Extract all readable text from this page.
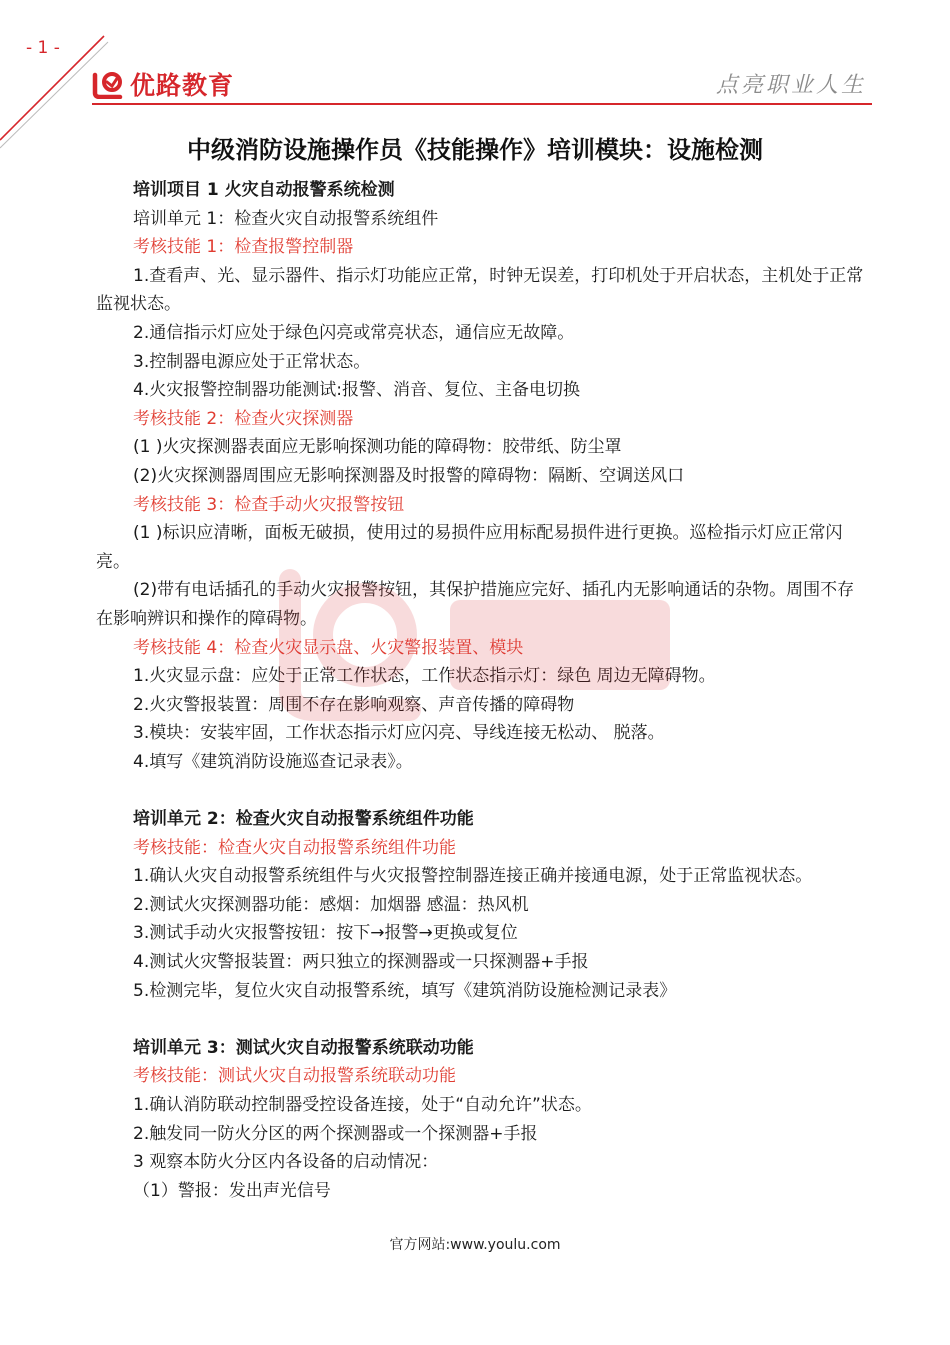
- 1 -
优路教育	点亮职业人生
中级消防设施操作员《技能操作》培训模块：设施检测

培训项目 1 火灾自动报警系统检测

培训单元 1：检查火灾自动报警系统组件

考核技能 1：检查报警控制器

1.查看声、光、显示器件、指示灯功能应正常，时钟无误差，打印机处于开启状态，主机处于正常监视状态。

2.通信指示灯应处于绿色闪亮或常亮状态，通信应无故障。

3.控制器电源应处于正常状态。

4.火灾报警控制器功能测试:报警、消音、复位、主备电切换

考核技能 2：检查火灾探测器

(1 )火灾探测器表面应无影响探测功能的障碍物：胶带纸、防尘罩

(2)火灾探测器周围应无影响探测器及时报警的障碍物：隔断、空调送风口

考核技能 3：检查手动火灾报警按钮

(1 )标识应清晰，面板无破损，使用过的易损件应用标配易损件进行更换。巡检指示灯应正常闪亮。

(2)带有电话插孔的手动火灾报警按钮，其保护措施应完好、插孔内无影响通话的杂物。周围不存在影响辨识和操作的障碍物。

考核技能 4：检查火灾显示盘、火灾警报装置、模块

1.火灾显示盘：应处于正常工作状态，工作状态指示灯：绿色 周边无障碍物。

2.火灾警报装置：周围不存在影响观察、声音传播的障碍物

3.模块：安装牢固，工作状态指示灯应闪亮、导线连接无松动、 脱落。

4.填写《建筑消防设施巡查记录表》。

培训单元 2：检查火灾自动报警系统组件功能

考核技能：检查火灾自动报警系统组件功能

1.确认火灾自动报警系统组件与火灾报警控制器连接正确并接通电源，处于正常监视状态。

2.测试火灾探测器功能：感烟：加烟器 感温：热风机

3.测试手动火灾报警按钮：按下→报警→更换或复位

4.测试火灾警报装置：两只独立的探测器或一只探测器+手报

5.检测完毕，复位火灾自动报警系统，填写《建筑消防设施检测记录表》

培训单元 3：测试火灾自动报警系统联动功能

考核技能：测试火灾自动报警系统联动功能

1.确认消防联动控制器受控设备连接，处于“自动允许”状态。

2.触发同一防火分区的两个探测器或一个探测器+手报

3 观察本防火分区内各设备的启动情况：

（1）警报：发出声光信号

官方网站:www.youlu.com
